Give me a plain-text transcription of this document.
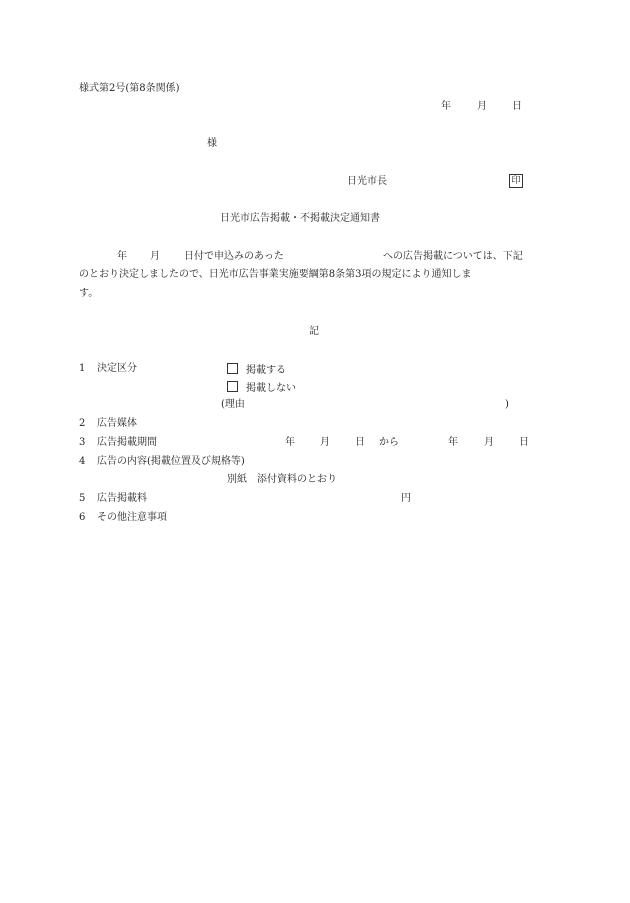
様式第2号(第8条関係)
年	月	日
様
日光市長	印
日光市広告掲載・不掲載決定通知書
年 月 日付で申込みのあった	への広告掲載については、下記
のとおり決定しましたので、日光市広告事業実施要綱第8条第3項の規定により通知しま
す。
記
1 決定区分	掲載する
掲載しない
(理由	)
2 広告媒体
3 広告掲載期間	年	月	日 から	年	月	日
4 広告の内容(掲載位置及び規格等)
別紙　添付資料のとおり
5 広告掲載料	円
6 その他注意事項
